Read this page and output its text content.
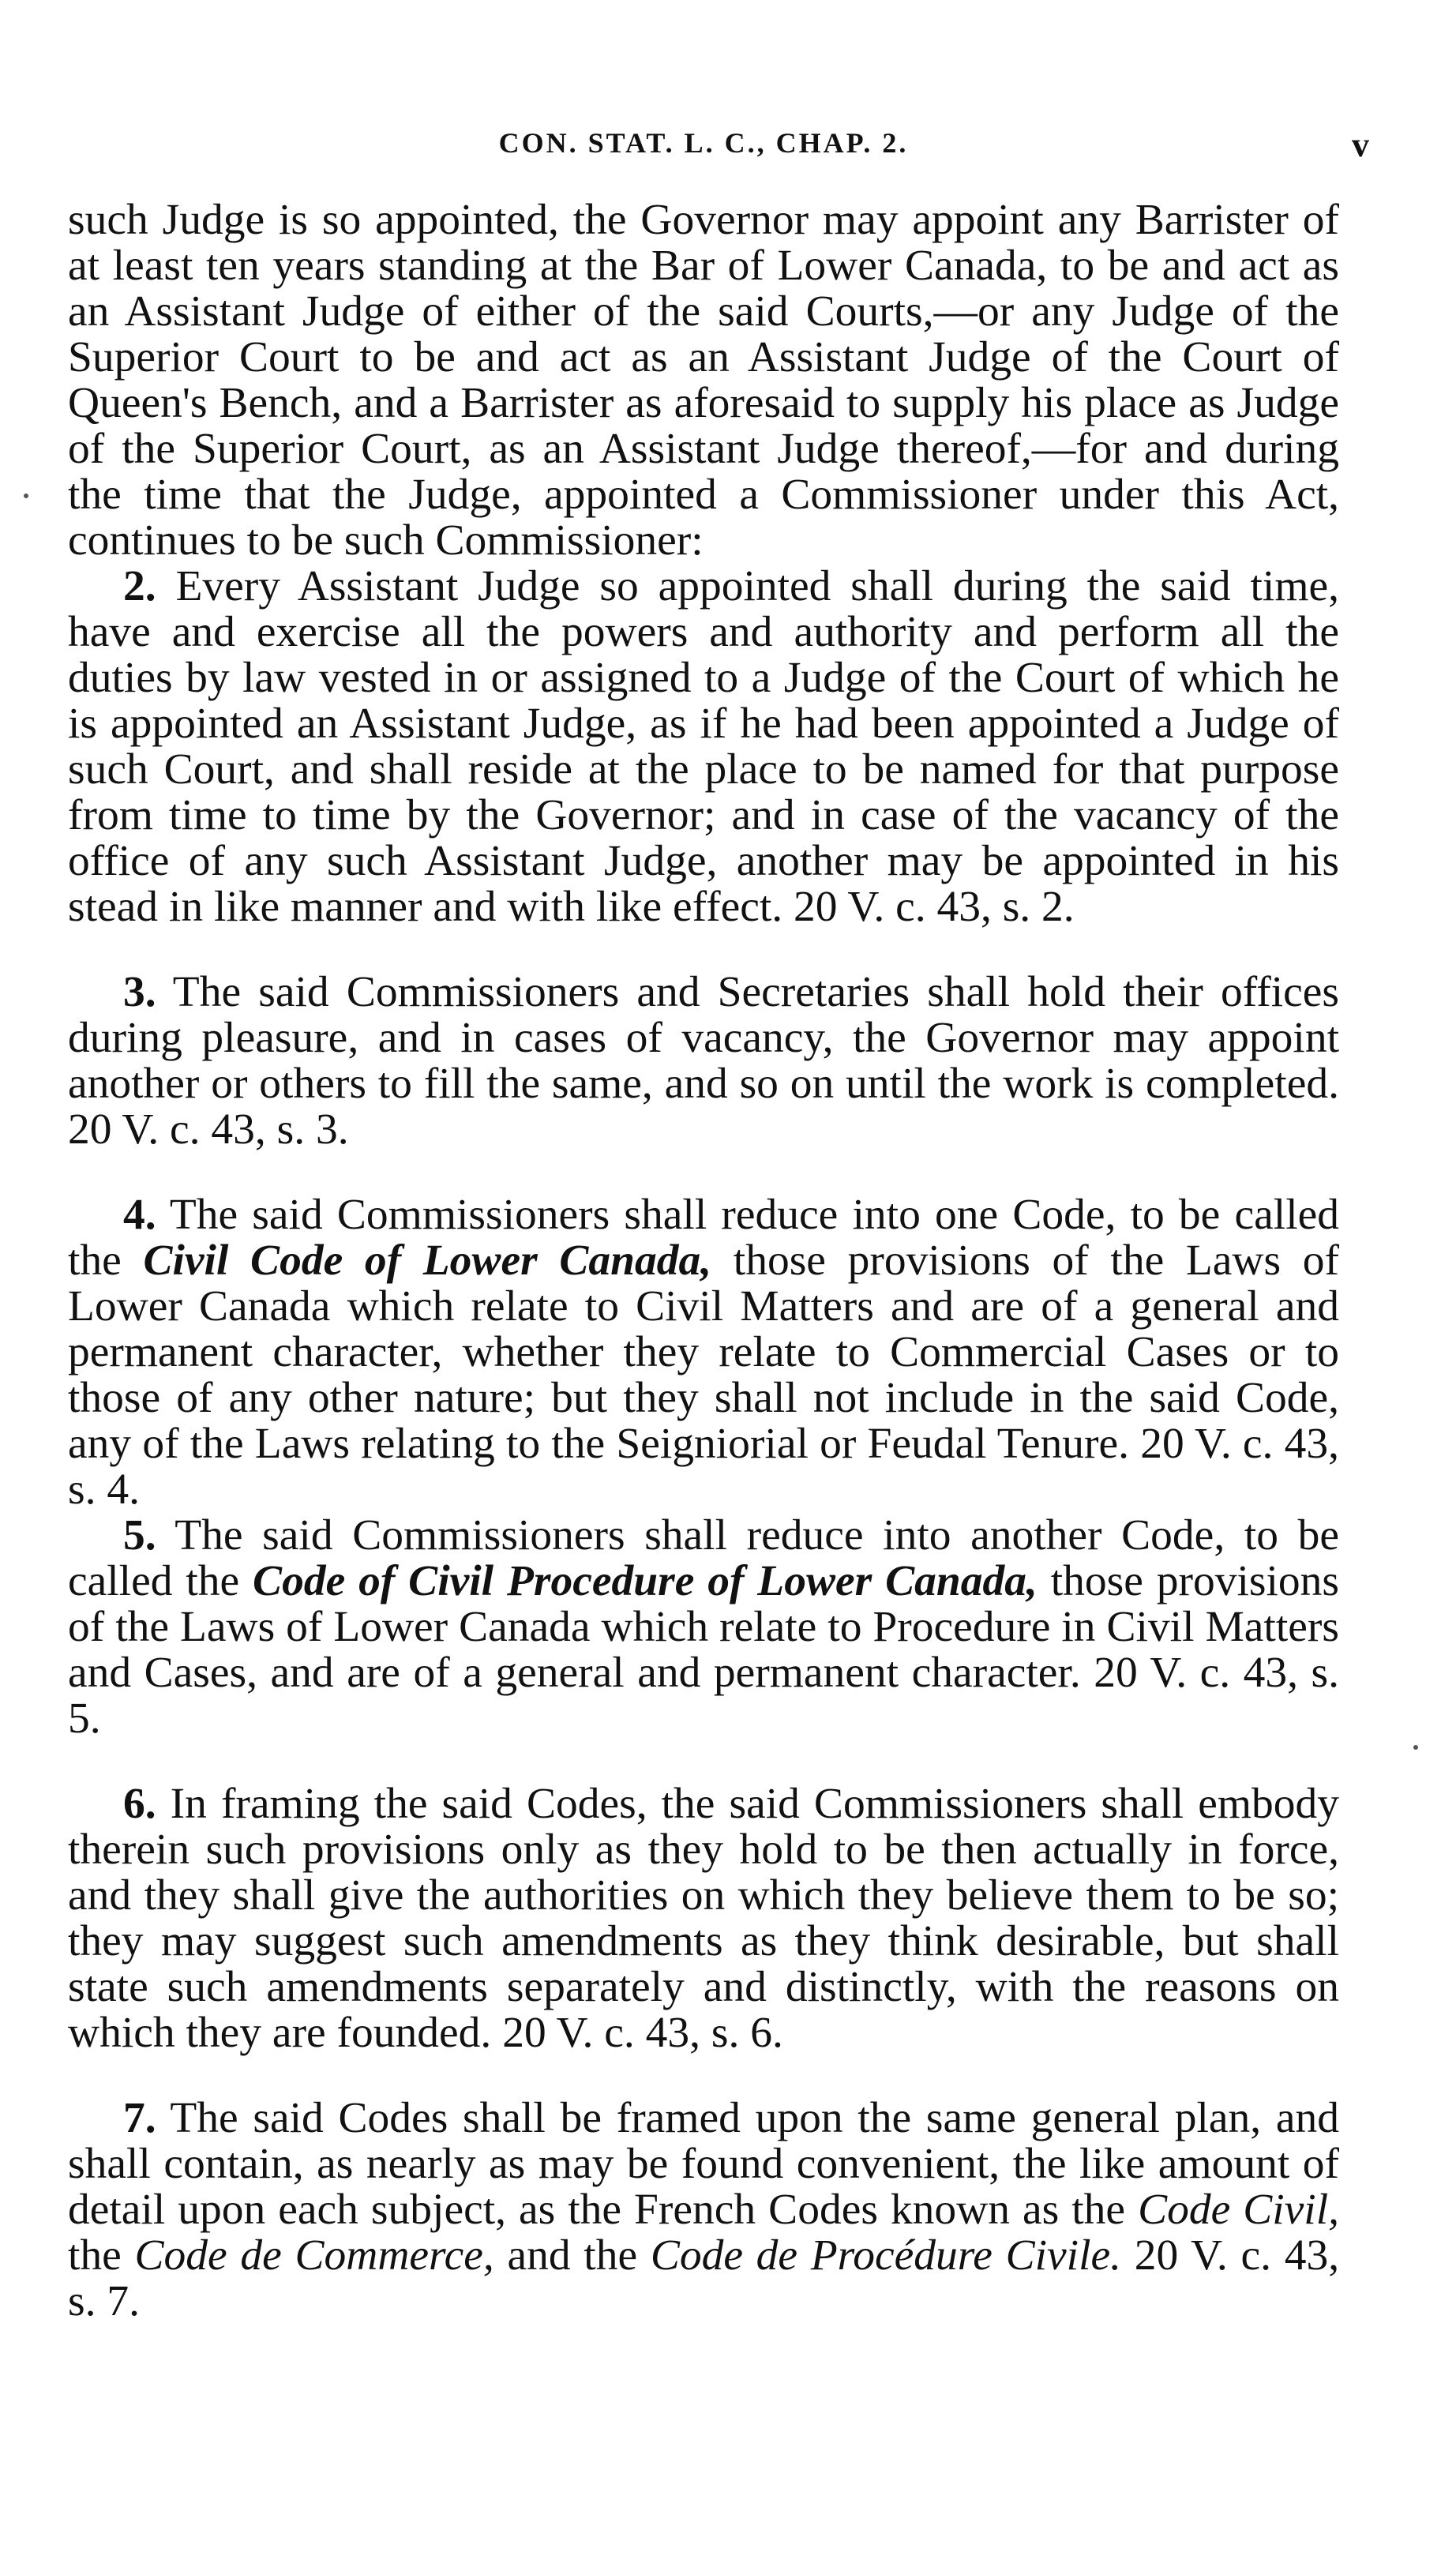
CON. STAT. L. C., CHAP. 2.	v

such Judge is so appointed, the Governor may appoint any Barrister of at least ten years standing at the Bar of Lower Canada, to be and act as an Assistant Judge of either of the said Courts,—or any Judge of the Superior Court to be and act as an Assistant Judge of the Court of Queen's Bench, and a Barrister as aforesaid to supply his place as Judge of the Superior Court, as an Assistant Judge thereof,—for and during the time that the Judge, appointed a Commissioner under this Act, continues to be such Commissioner:

2. Every Assistant Judge so appointed shall during the said time, have and exercise all the powers and authority and perform all the duties by law vested in or assigned to a Judge of the Court of which he is appointed an Assistant Judge, as if he had been appointed a Judge of such Court, and shall reside at the place to be named for that purpose from time to time by the Governor; and in case of the vacancy of the office of any such Assistant Judge, another may be appointed in his stead in like manner and with like effect. 20 V. c. 43, s. 2.

3. The said Commissioners and Secretaries shall hold their offices during pleasure, and in cases of vacancy, the Governor may appoint another or others to fill the same, and so on until the work is completed. 20 V. c. 43, s. 3.

4. The said Commissioners shall reduce into one Code, to be called the Civil Code of Lower Canada, those provisions of the Laws of Lower Canada which relate to Civil Matters and are of a general and permanent character, whether they relate to Commercial Cases or to those of any other nature; but they shall not include in the said Code, any of the Laws relating to the Seigniorial or Feudal Tenure. 20 V. c. 43, s. 4.

5. The said Commissioners shall reduce into another Code, to be called the Code of Civil Procedure of Lower Canada, those provisions of the Laws of Lower Canada which relate to Procedure in Civil Matters and Cases, and are of a general and permanent character. 20 V. c. 43, s. 5.

6. In framing the said Codes, the said Commissioners shall embody therein such provisions only as they hold to be then actually in force, and they shall give the authorities on which they believe them to be so; they may suggest such amendments as they think desirable, but shall state such amendments separately and distinctly, with the reasons on which they are founded. 20 V. c. 43, s. 6.

7. The said Codes shall be framed upon the same general plan, and shall contain, as nearly as may be found convenient, the like amount of detail upon each subject, as the French Codes known as the Code Civil, the Code de Commerce, and the Code de Procédure Civile. 20 V. c. 43, s. 7.
